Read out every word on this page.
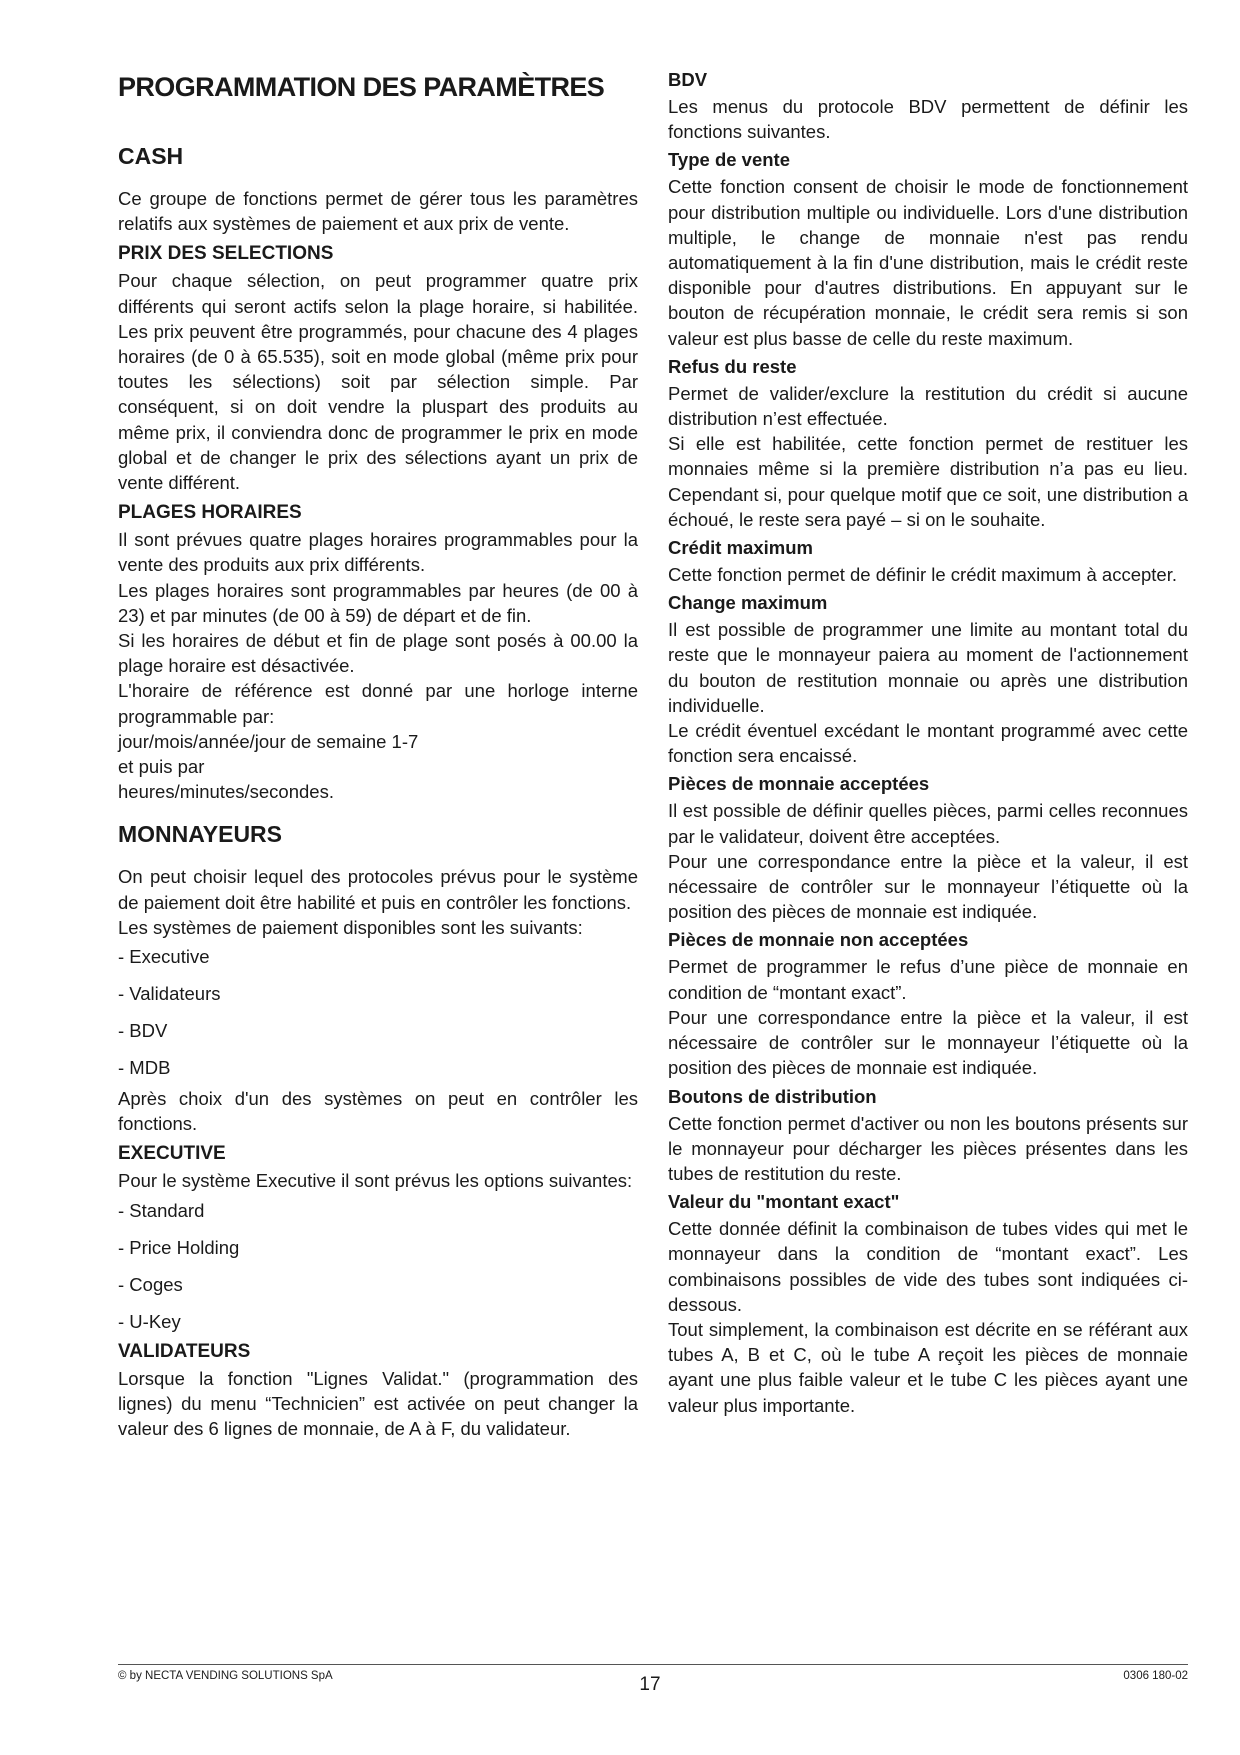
PROGRAMMATION DES PARAMÈTRES
CASH

Ce groupe de fonctions permet de gérer tous les paramètres relatifs aux systèmes de paiement et aux prix de vente.

PRIX DES SELECTIONS

Pour chaque sélection, on peut programmer quatre prix différents qui seront actifs selon la plage horaire, si habilitée. Les prix peuvent être programmés, pour chacune des 4 plages horaires (de 0 à 65.535), soit en mode global (même prix pour toutes les sélections) soit par sélection simple. Par conséquent, si on doit vendre la pluspart des produits au même prix, il conviendra donc de programmer le prix en mode global et de changer le prix des sélections ayant un prix de vente différent.

PLAGES HORAIRES

Il sont prévues quatre plages horaires programmables pour la vente des produits aux prix différents.

Les plages horaires sont programmables par heures (de 00 à 23) et par minutes (de 00 à 59) de départ et de fin.

Si les horaires de début et fin de plage sont posés à 00.00 la plage horaire est désactivée.

L'horaire de référence est donné par une horloge interne programmable par:

jour/mois/année/jour de semaine 1-7

et puis par

heures/minutes/secondes.

MONNAYEURS

On peut choisir lequel des protocoles prévus pour le système de paiement doit être habilité et puis en contrôler les fonctions.

Les systèmes de paiement disponibles sont les suivants:

- Executive
- Validateurs
- BDV
- MDB

Après choix d'un des systèmes on peut en contrôler les fonctions.

EXECUTIVE

Pour le système Executive il sont prévus les options suivantes:

- Standard
- Price Holding
- Coges
- U-Key
VALIDATEURS

Lorsque la fonction "Lignes Validat." (programmation des lignes) du menu “Technicien” est activée on peut changer la valeur des 6 lignes de monnaie, de A à F, du validateur.

BDV

Les menus du protocole BDV permettent de définir les fonctions suivantes.

Type de vente

Cette fonction consent de choisir le mode de fonctionnement pour distribution multiple ou individuelle. Lors d'une distribution multiple, le change de monnaie n'est pas rendu automatiquement à la fin d'une distribution, mais le crédit reste disponible pour d'autres distributions. En appuyant sur le bouton de récupération monnaie, le crédit sera remis si son valeur est plus basse de celle du reste maximum.

Refus du reste

Permet de valider/exclure la restitution du crédit si aucune distribution n’est effectuée.

Si elle est habilitée, cette fonction permet de restituer les monnaies même si la première distribution n’a pas eu lieu. Cependant si, pour quelque motif que ce soit, une distribution a échoué, le reste sera payé – si on le souhaite.

Crédit maximum

Cette fonction permet de définir le crédit maximum à accepter.

Change maximum

Il est possible de programmer une limite au montant total du reste que le monnayeur paiera au moment de l'actionnement du bouton de restitution monnaie ou après une distribution individuelle.

Le crédit éventuel excédant le montant programmé avec cette fonction sera encaissé.

Pièces de monnaie acceptées

Il est possible de définir quelles pièces, parmi celles reconnues par le validateur, doivent être acceptées.

Pour une correspondance entre la pièce et la valeur, il est nécessaire de contrôler sur le monnayeur l’étiquette où la position des pièces de monnaie est indiquée.

Pièces de monnaie non acceptées

Permet de programmer le refus d’une pièce de monnaie en condition de “montant exact”.

Pour une correspondance entre la pièce et la valeur, il est nécessaire de contrôler sur le monnayeur l’étiquette où la position des pièces de monnaie est indiquée.

Boutons de distribution

Cette fonction permet d'activer ou non les boutons présents sur le monnayeur pour décharger les pièces présentes dans les tubes de restitution du reste.

Valeur du "montant exact"

Cette donnée définit la combinaison de tubes vides qui met le monnayeur dans la condition de “montant exact”. Les combinaisons possibles de vide des tubes sont indiquées ci-dessous.

Tout simplement, la combinaison est décrite en se référant aux tubes A, B et C, où le tube A reçoit les pièces de monnaie ayant une plus faible valeur et le tube C les pièces ayant une valeur plus importante.

© by NECTA VENDING SOLUTIONS SpA	17	0306 180-02
